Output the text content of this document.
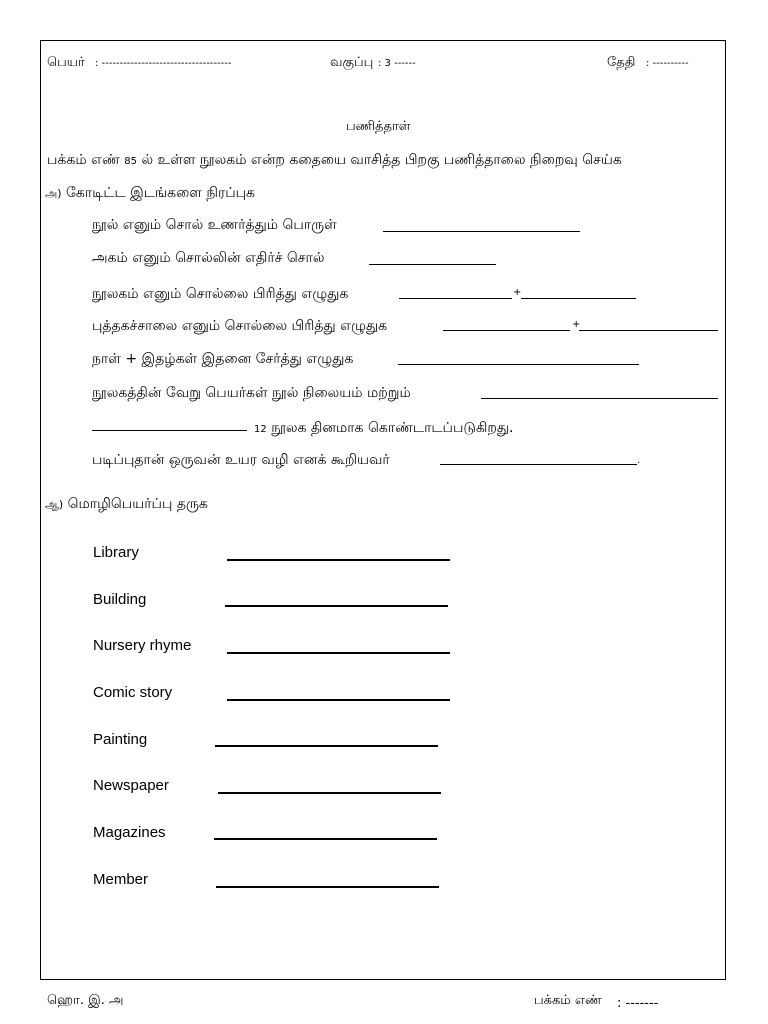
பெயர் : ------------------------------------	வகுப்பு : 3 ------	தேதி : ----------
பணித்தாள்
பக்கம் எண் 85 ல் உள்ள நூலகம் என்ற கதையை வாசித்த பிறகு பணித்தாலை நிறைவு செய்க
அ) கோடிட்ட இடங்களை நிரப்புக
நூல் எனும் சொல் உணர்த்தும் பொருள்
அகம் எனும் சொல்லின் எதிர்ச் சொல்
நூலகம் எனும் சொல்லை பிரித்து எழுதுக	+
புத்தகச்சாலை எனும் சொல்லை பிரித்து எழுதுக	+
நாள் + இதழ்கள் இதனை சேர்த்து எழுதுக
நூலகத்தின் வேறு பெயர்கள் நூல் நிலையம் மற்றும்
12 நூலக தினமாக கொண்டாடப்படுகிறது.
படிப்புதான் ஒருவன் உயர வழி எனக் கூறியவர்	.
ஆ) மொழிபெயர்ப்பு தருக
Library
Building
Nursery rhyme
Comic story
Painting
Newspaper
Magazines
Member
ஹொ. இ. அ	பக்கம் எண் : -------
